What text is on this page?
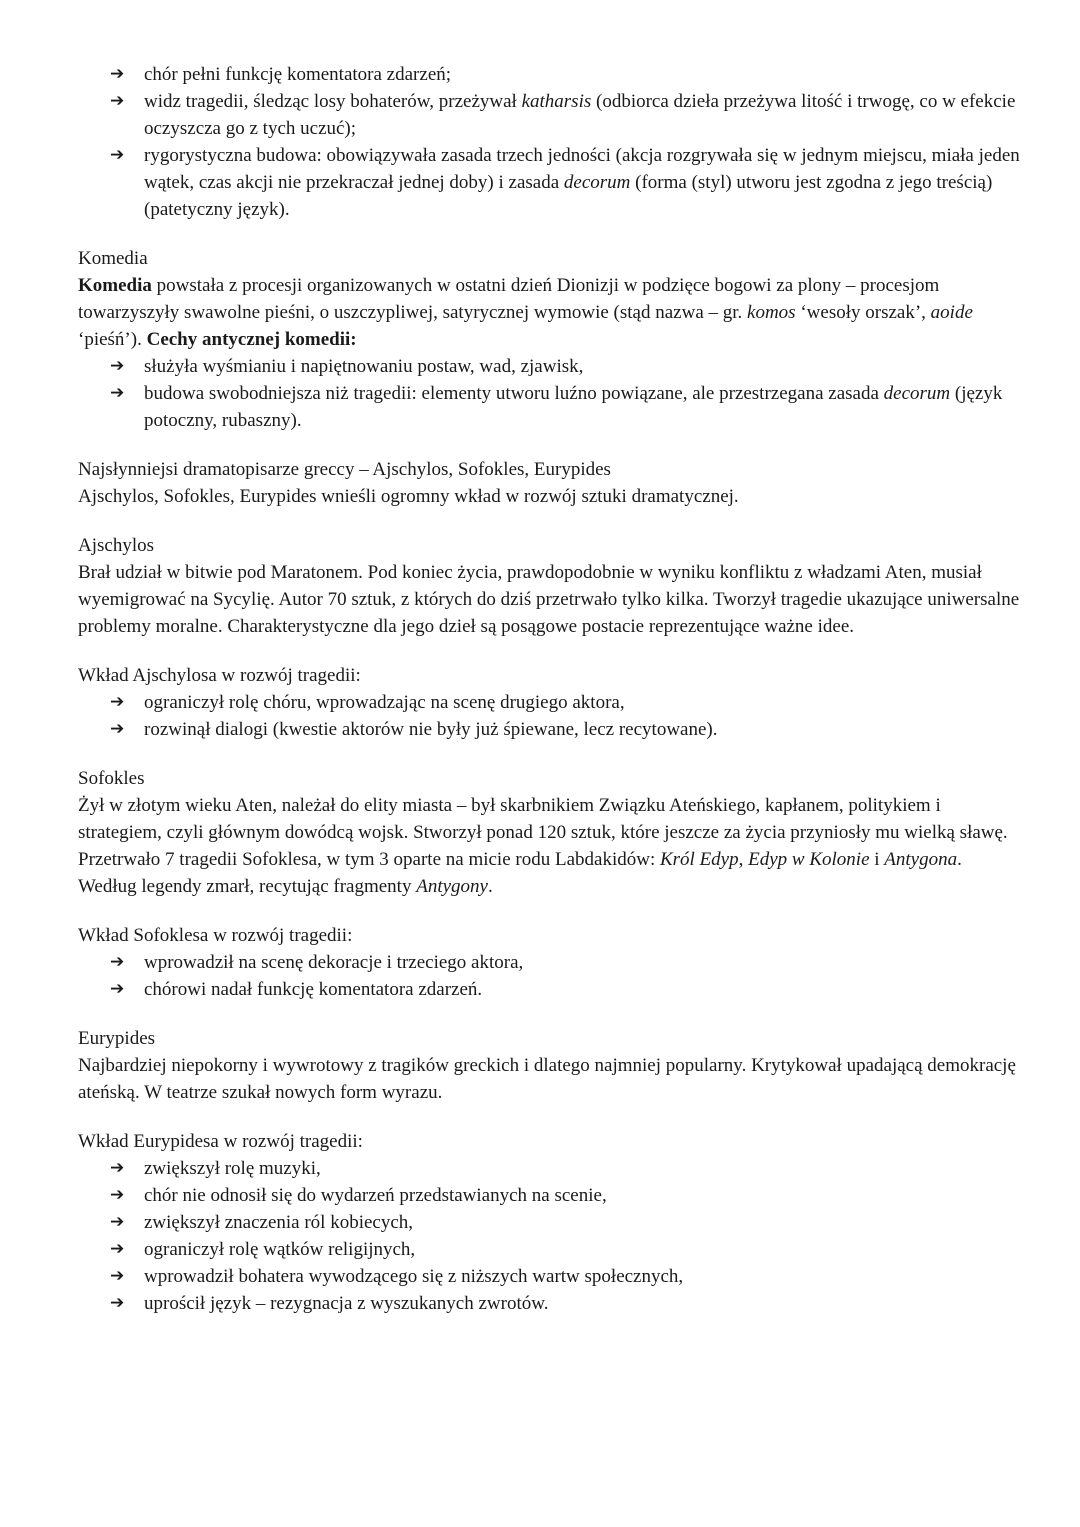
➔ chór pełni funkcję komentatora zdarzeń;
➔ widz tragedii, śledząc losy bohaterów, przeżywał katharsis (odbiorca dzieła przeżywa litość i trwogę, co w efekcie oczyszcza go z tych uczuć);
➔ rygorystyczna budowa: obowiązywała zasada trzech jedności (akcja rozgrywała się w jednym miejscu, miała jeden wątek, czas akcji nie przekraczał jednej doby) i zasada decorum (forma (styl) utworu jest zgodna z jego treścią) (patetyczny język).

Komedia

Komedia powstała z procesji organizowanych w ostatni dzień Dionizji w podzięce bogowi za plony – procesjom towarzyszyły swawolne pieśni, o uszczypliwej, satyrycznej wymowie (stąd nazwa – gr. komos ‘wesoły orszak’, aoide ‘pieśń’). Cechy antycznej komedii:

➔ służyła wyśmianiu i napiętnowaniu postaw, wad, zjawisk,
➔ budowa swobodniejsza niż tragedii: elementy utworu luźno powiązane, ale przestrzegana zasada decorum (język potoczny, rubaszny).

Najsłynniejsi dramatopisarze greccy – Ajschylos, Sofokles, Eurypides

Ajschylos, Sofokles, Eurypides wnieśli ogromny wkład w rozwój sztuki dramatycznej.

Ajschylos

Brał udział w bitwie pod Maratonem. Pod koniec życia, prawdopodobnie w wyniku konfliktu z władzami Aten, musiał wyemigrować na Sycylię. Autor 70 sztuk, z których do dziś przetrwało tylko kilka. Tworzył tragedie ukazujące uniwersalne problemy moralne. Charakterystyczne dla jego dzieł są posągowe postacie reprezentujące ważne idee.

Wkład Ajschylosa w rozwój tragedii:

➔ ograniczył rolę chóru, wprowadzając na scenę drugiego aktora,
➔ rozwinął dialogi (kwestie aktorów nie były już śpiewane, lecz recytowane).

Sofokles

Żył w złotym wieku Aten, należał do elity miasta – był skarbnikiem Związku Ateńskiego, kapłanem, politykiem i strategiem, czyli głównym dowódcą wojsk. Stworzył ponad 120 sztuk, które jeszcze za życia przyniosły mu wielką sławę. Przetrwało 7 tragedii Sofoklesa, w tym 3 oparte na micie rodu Labdakidów: Król Edyp, Edyp w Kolonie i Antygona. Według legendy zmarł, recytując fragmenty Antygony.

Wkład Sofoklesa w rozwój tragedii:

➔ wprowadził na scenę dekoracje i trzeciego aktora,
➔ chórowi nadał funkcję komentatora zdarzeń.

Eurypides

Najbardziej niepokorny i wywrotowy z tragików greckich i dlatego najmniej popularny. Krytykował upadającą demokrację ateńską. W teatrze szukał nowych form wyrazu.

Wkład Eurypidesa w rozwój tragedii:

➔ zwiększył rolę muzyki,
➔ chór nie odnosił się do wydarzeń przedstawianych na scenie,
➔ zwiększył znaczenia ról kobiecych,
➔ ograniczył rolę wątków religijnych,
➔ wprowadził bohatera wywodzącego się z niższych wartw społecznych,
➔ uprościł język – rezygnacja z wyszukanych zwrotów.
